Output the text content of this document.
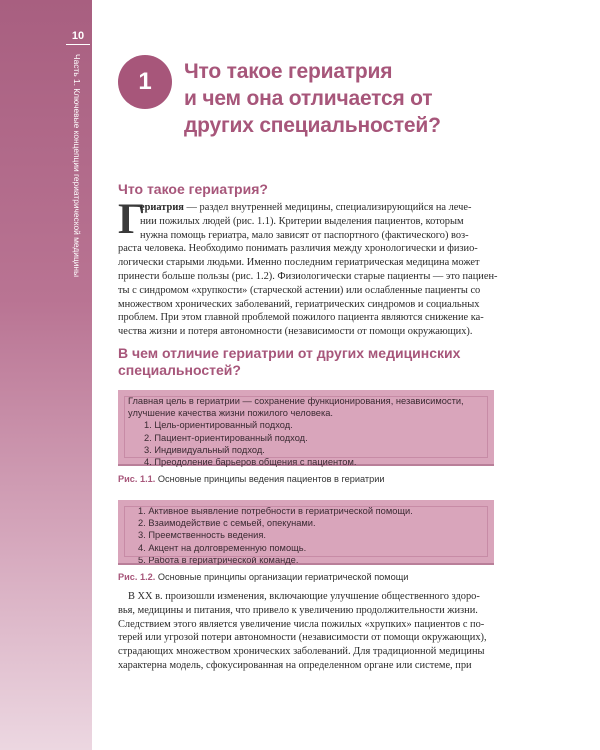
10
Часть 1. Ключевые концепции гериатрической медицины	1	Что такое гериатрия
и чем она отличается от
других специальностей?
Что такое гериатрия?
Г
ериатрия — раздел внутренней медицины, специализирующийся на лече-
нии пожилых людей (рис. 1.1). Критерии выделения пациентов, которым
нужна помощь гериатра, мало зависят от паспортного (фактического) воз-
раста человека. Необходимо понимать различия между хронологически и физио-
логически старыми людьми. Именно последним гериатрическая медицина может
принести больше пользы (рис. 1.2). Физиологически старые пациенты — это пациен-
ты с синдромом «хрупкости» (старческой астении) или ослабленные пациенты со
множеством хронических заболеваний, гериатрических синдромов и социальных
проблем. При этом главной проблемой пожилого пациента являются снижение ка-
чества жизни и потеря автономности (независимости от помощи окружающих).
В чем отличие гериатрии от других медицинских
специальностей?
Главная цель в гериатрии — сохранение функционирования, независимости,
улучшение качества жизни пожилого человека.
1. Цель-ориентированный подход.
2. Пациент-ориентированный подход.
3. Индивидуальный подход.
4. Преодоление барьеров общения с пациентом.
Рис. 1.1. Основные принципы ведения пациентов в гериатрии
1. Активное выявление потребности в гериатрической помощи.
2. Взаимодействие с семьей, опекунами.
3. Преемственность ведения.
4. Акцент на долговременную помощь.
5. Работа в гериатрической команде.
Рис. 1.2. Основные принципы организации гериатрической помощи
В XX в. произошли изменения, включающие улучшение общественного здоро-
вья, медицины и питания, что привело к увеличению продолжительности жизни.
Следствием этого является увеличение числа пожилых «хрупких» пациентов с по-
терей или угрозой потери автономности (независимости от помощи окружающих),
страдающих множеством хронических заболеваний. Для традиционной медицины
характерна модель, сфокусированная на определенном органе или системе, при
